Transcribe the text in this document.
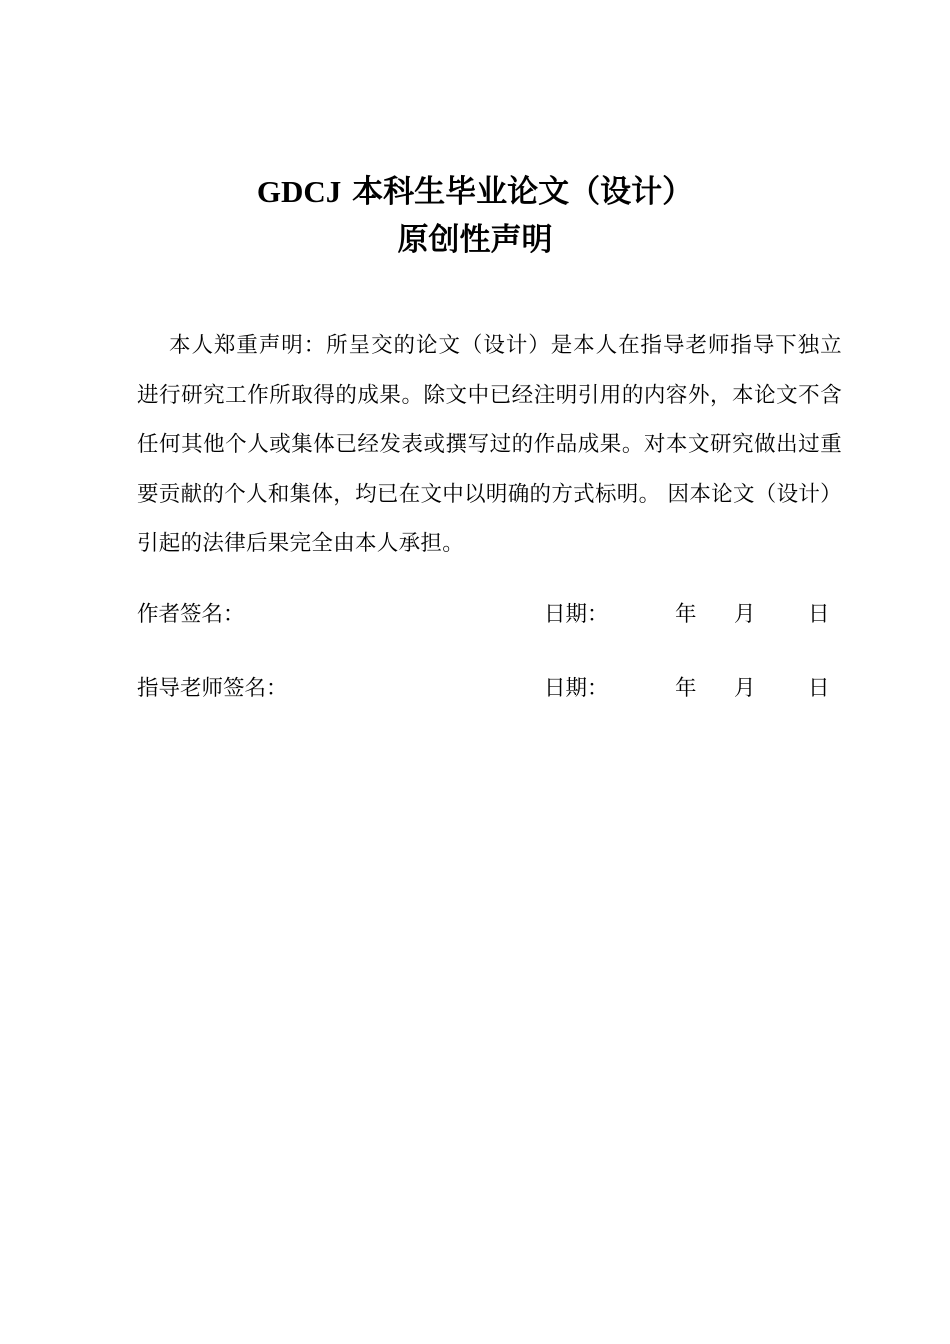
GDCJ 本科生毕业论文（设计）
原创性声明

本人郑重声明：所呈交的论文（设计）是本人在指导老师指导下独立进行研究工作所取得的成果。除文中已经注明引用的内容外，本论文不含任何其他个人或集体已经发表或撰写过的作品成果。对本文研究做出过重要贡献的个人和集体，均已在文中以明确的方式标明。 因本论文（设计）引起的法律后果完全由本人承担。

作者签名：	日期：	年 月 日
指导老师签名：	日期：	年 月 日
